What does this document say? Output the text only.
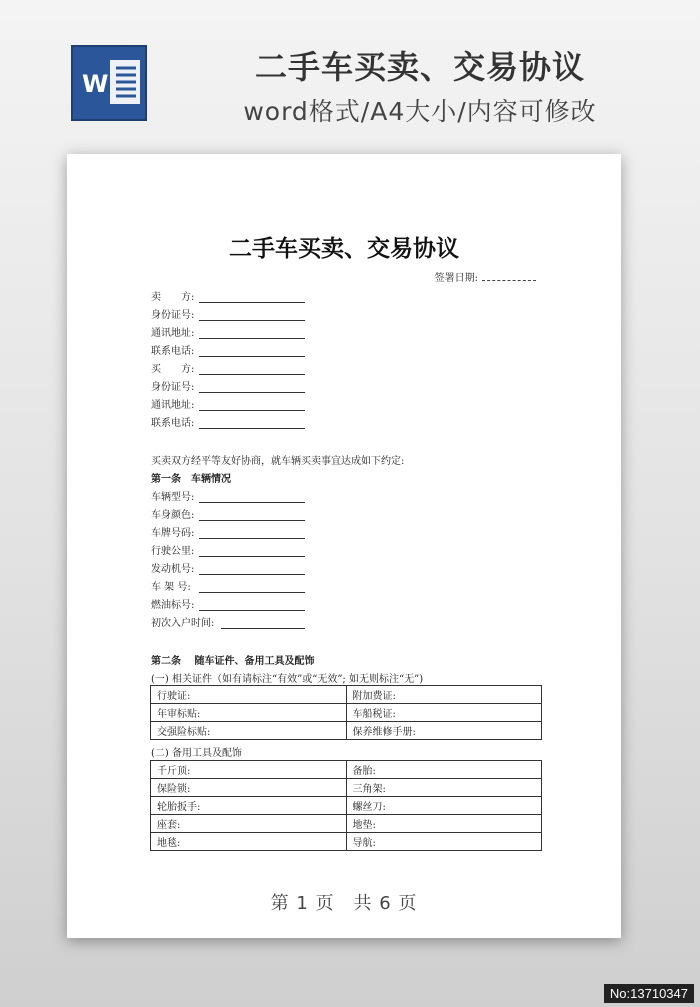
W	二手车买卖、交易协议
word格式/A4大小/内容可修改
二手车买卖、交易协议
签署日期:
卖　　方:
身份证号:
通讯地址:
联系电话:
买　　方:
身份证号:
通讯地址:
联系电话:
买卖双方经平等友好协商，就车辆买卖事宜达成如下约定:
第一条　车辆情况
车辆型号:
车身颜色:
车牌号码:
行驶公里:
发动机号:
车 架 号:
燃油标号:
初次入户时间:
第二条　 随车证件、备用工具及配饰
(一) 相关证件（如有请标注“有效”或“无效”; 如无则标注“无”)
行驶证:	附加费证:
年审标贴:	车船税证:
交强险标贴:	保养维修手册:
(二) 备用工具及配饰
千斤顶:	备胎:
保险锁:	三角架:
轮胎扳手:	螺丝刀:
座套:	地垫:
地毯:	导航:
第 1 页　共 6 页
No:13710347
